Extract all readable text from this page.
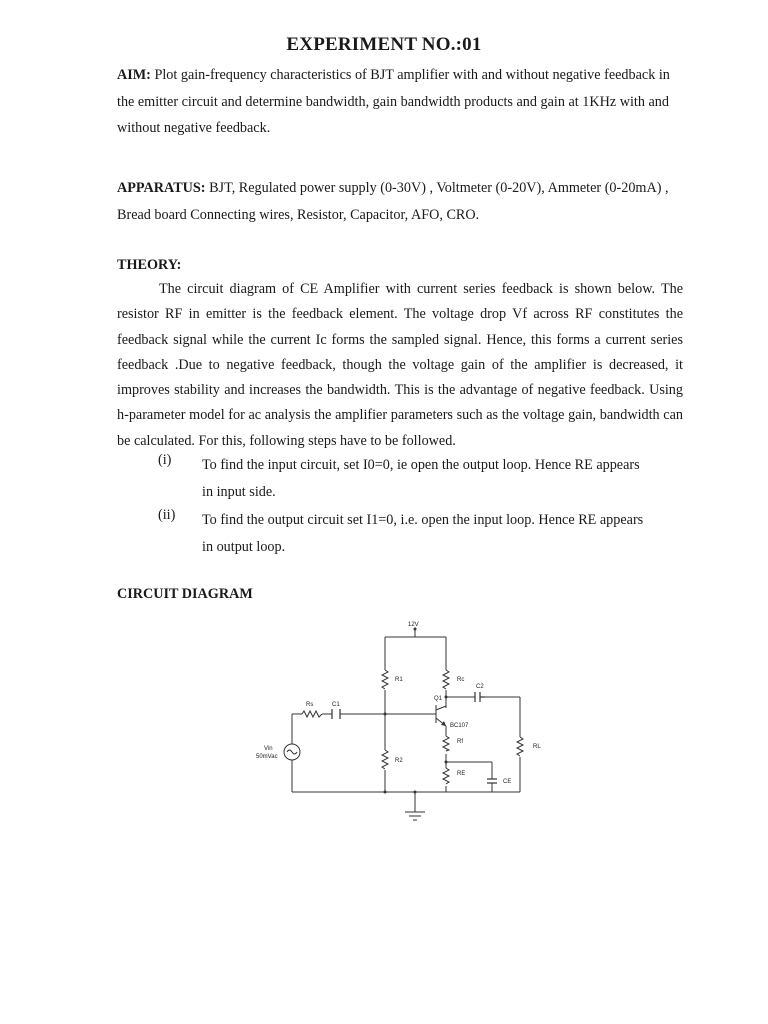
EXPERIMENT NO.:01
AIM: Plot gain-frequency characteristics of BJT amplifier with and without negative feedback in the emitter circuit and determine bandwidth, gain bandwidth products and gain at 1KHz with and without negative feedback.
APPARATUS: BJT, Regulated power supply (0-30V) , Voltmeter (0-20V), Ammeter (0-20mA) , Bread board Connecting wires, Resistor, Capacitor, AFO, CRO.
THEORY:
The circuit diagram of CE Amplifier with current series feedback is shown below. The resistor RF in emitter is the feedback element. The voltage drop Vf across RF constitutes the feedback signal while the current Ic forms the sampled signal. Hence, this forms a current series feedback .Due to negative feedback, though the voltage gain of the amplifier is decreased, it improves stability and increases the bandwidth. This is the advantage of negative feedback. Using h-parameter model for ac analysis the amplifier parameters such as the voltage gain, bandwidth can be calculated. For this, following steps have to be followed.
(i) To find the input circuit, set I0=0, ie open the output loop. Hence RE appears
in input side.
(ii) To find the output circuit set I1=0, i.e. open the input loop. Hence RE appears
in output loop.
CIRCUIT DIAGRAM
12V
R1	Rc
C2
Q1
Rs	C1
BC107
Rf
RL
Vin
50mVac
R2
RE
CE
